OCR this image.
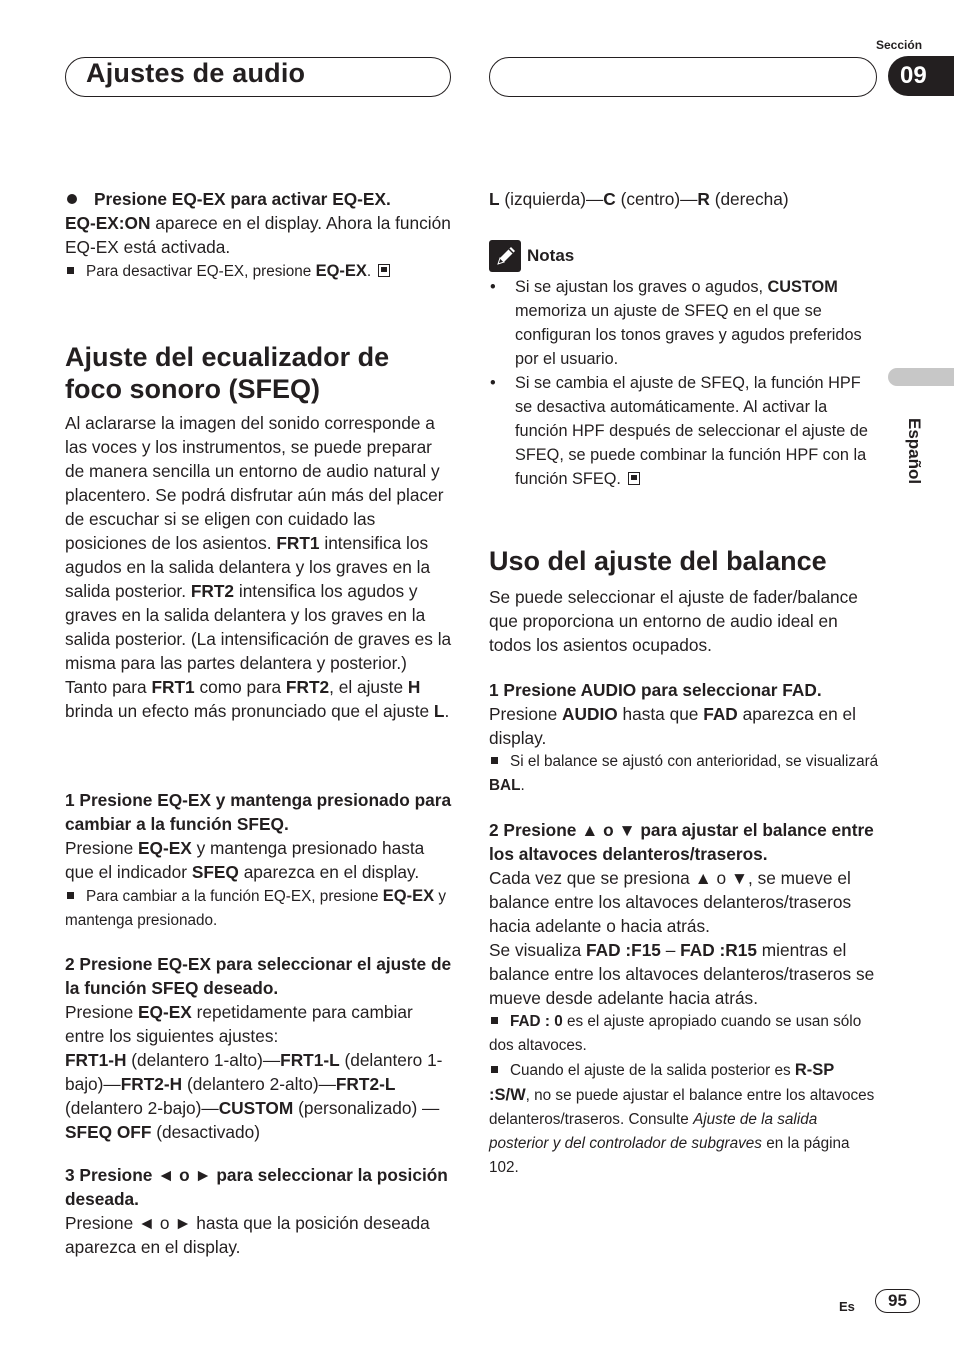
Ajustes de audio
Sección
09
Español

Presione EQ-EX para activar EQ-EX.

EQ-EX:ON aparece en el display. Ahora la función EQ-EX está activada.

Para desactivar EQ-EX, presione EQ-EX.

Ajuste del ecualizador de foco sonoro (SFEQ)

Al aclararse la imagen del sonido corresponde a las voces y los instrumentos, se puede preparar de manera sencilla un entorno de audio natural y placentero. Se podrá disfrutar aún más del placer de escuchar si se eligen con cuidado las posiciones de los asientos. FRT1 intensifica los agudos en la salida delantera y los graves en la salida posterior. FRT2 intensifica los agudos y graves en la salida delantera y los graves en la salida posterior. (La intensificación de graves es la misma para las partes delantera y posterior.) Tanto para FRT1 como para FRT2, el ajuste H brinda un efecto más pronunciado que el ajuste L.

1 Presione EQ-EX y mantenga presionado para cambiar a la función SFEQ.

Presione EQ-EX y mantenga presionado hasta que el indicador SFEQ aparezca en el display.

Para cambiar a la función EQ-EX, presione EQ-EX y mantenga presionado.

2 Presione EQ-EX para seleccionar el ajuste de la función SFEQ deseado.

Presione EQ-EX repetidamente para cambiar entre los siguientes ajustes:

FRT1-H (delantero 1-alto)—FRT1-L (delantero 1-bajo)—FRT2-H (delantero 2-alto)—FRT2-L (delantero 2-bajo)—CUSTOM (personalizado) —SFEQ OFF (desactivado)

3 Presione ◄ o ► para seleccionar la posición deseada.

Presione ◄ o ► hasta que la posición deseada aparezca en el display.

L (izquierda)—C (centro)—R (derecha)

Notas

• Si se ajustan los graves o agudos, CUSTOM memoriza un ajuste de SFEQ en el que se configuran los tonos graves y agudos preferidos por el usuario.

• Si se cambia el ajuste de SFEQ, la función HPF se desactiva automáticamente. Al activar la función HPF después de seleccionar el ajuste de SFEQ, se puede combinar la función HPF con la función SFEQ.

Uso del ajuste del balance

Se puede seleccionar el ajuste de fader/balance que proporciona un entorno de audio ideal en todos los asientos ocupados.

1 Presione AUDIO para seleccionar FAD.

Presione AUDIO hasta que FAD aparezca en el display.

Si el balance se ajustó con anterioridad, se visualizará BAL.

2 Presione ▲ o ▼ para ajustar el balance entre los altavoces delanteros/traseros.

Cada vez que se presiona ▲ o ▼, se mueve el balance entre los altavoces delanteros/traseros hacia adelante o hacia atrás.

Se visualiza FAD :F15 – FAD :R15 mientras el balance entre los altavoces delanteros/traseros se mueve desde adelante hacia atrás.

FAD : 0 es el ajuste apropiado cuando se usan sólo dos altavoces.

Cuando el ajuste de la salida posterior es R-SP :S/W, no se puede ajustar el balance entre los altavoces delanteros/traseros. Consulte Ajuste de la salida posterior y del controlador de subgraves en la página 102.

Es	95
